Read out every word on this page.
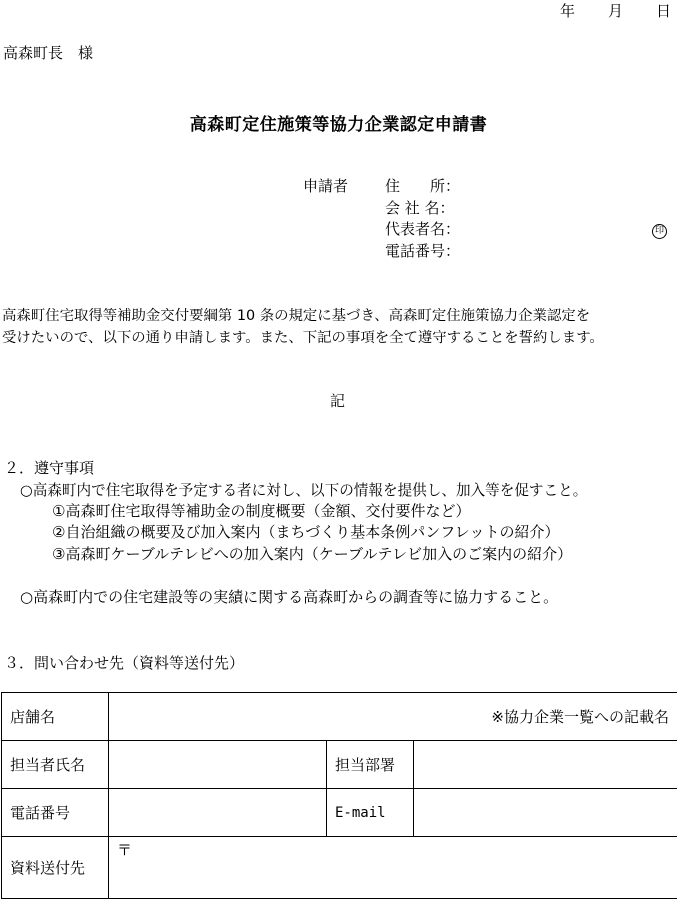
年 月 日
高森町長　様
高森町定住施策等協力企業認定申請書
申請者 住　　所：
会 社 名：
代表者名：	印
電話番号：
高森町住宅取得等補助金交付要綱第 10 条の規定に基づき、高森町定住施策協力企業認定を
受けたいので、以下の通り申請します。また、下記の事項を全て遵守することを誓約します。
記
２．遵守事項
○高森町内で住宅取得を予定する者に対し、以下の情報を提供し、加入等を促すこと。
①高森町住宅取得等補助金の制度概要（金額、交付要件など）
②自治組織の概要及び加入案内（まちづくり基本条例パンフレットの紹介）
③高森町ケーブルテレビへの加入案内（ケーブルテレビ加入のご案内の紹介）
○高森町内での住宅建設等の実績に関する高森町からの調査等に協力すること。
３．問い合わせ先（資料等送付先）
店舗名	※協力企業一覧への記載名		
担当者氏名		担当部署	
電話番号		E-mail	
資料送付先	〒		
